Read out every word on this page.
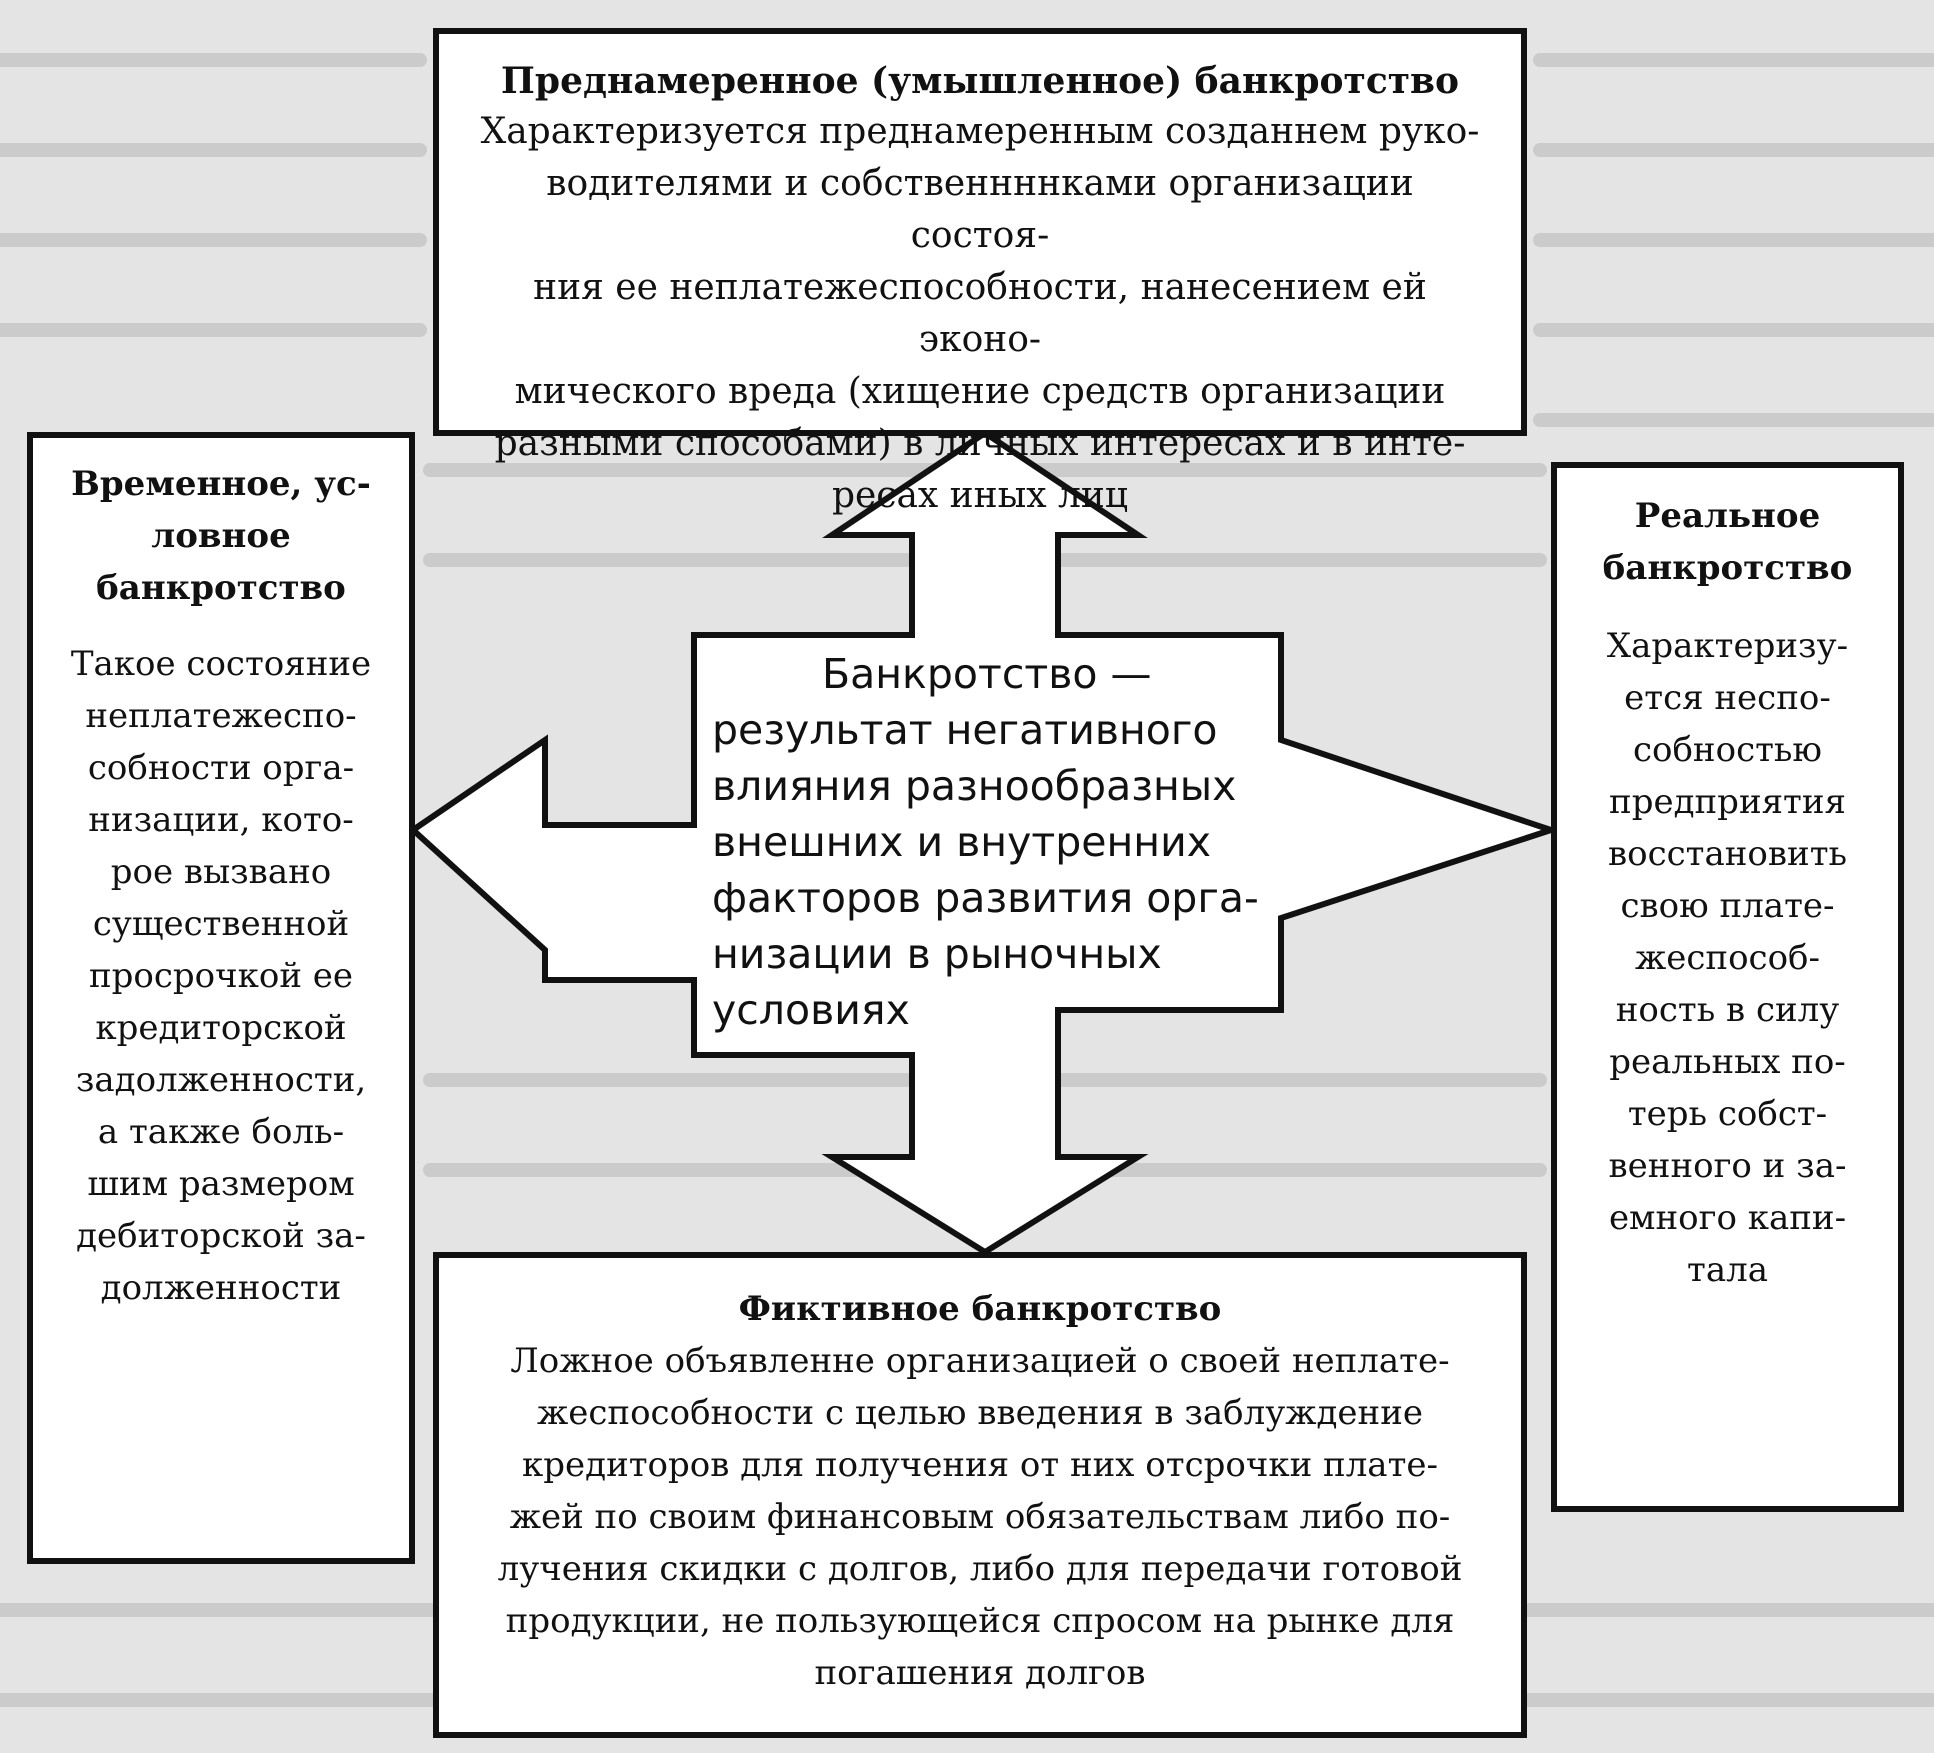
Преднамеренное (умышленное) банкротство

Характеризуется преднамеренным созданнем руко-
водителями и собственнннками организации состоя-
ния ее неплатежеспособности, нанесением ей эконо-
мического вреда (хищение средств организации
разными способами) в личных интересах и в инте-
ресах иных лиц

Временное, ус-
ловное
банкротство

Такое состояние
неплатежеспо-
собности орга-
низации, кото-
рое вызвано
существенной
просрочкой ее
кредиторской
задолженности,
а также боль-
шим размером
дебиторской за-
долженности

Реальное
банкротство

Характеризу-
ется неспо-
собностью
предприятия
восстановить
свою плате-
жеспособ-
ность в силу
реальных по-
терь собст-
венного и за-
емного капи-
тала

Фиктивное банкротство

Ложное объявленне организацией о своей неплате-
жеспособности с целью введения в заблуждение
кредиторов для получения от них отсрочки плате-
жей по своим финансовым обязательствам либо по-
лучения скидки с долгов, либо для передачи готовой
продукции, не пользующейся спросом на рынке для
погашения долгов

Банкротство —
результат негативного
влияния разнообразных
внешних и внутренних
факторов развития орга-
низации в рыночных
условиях
